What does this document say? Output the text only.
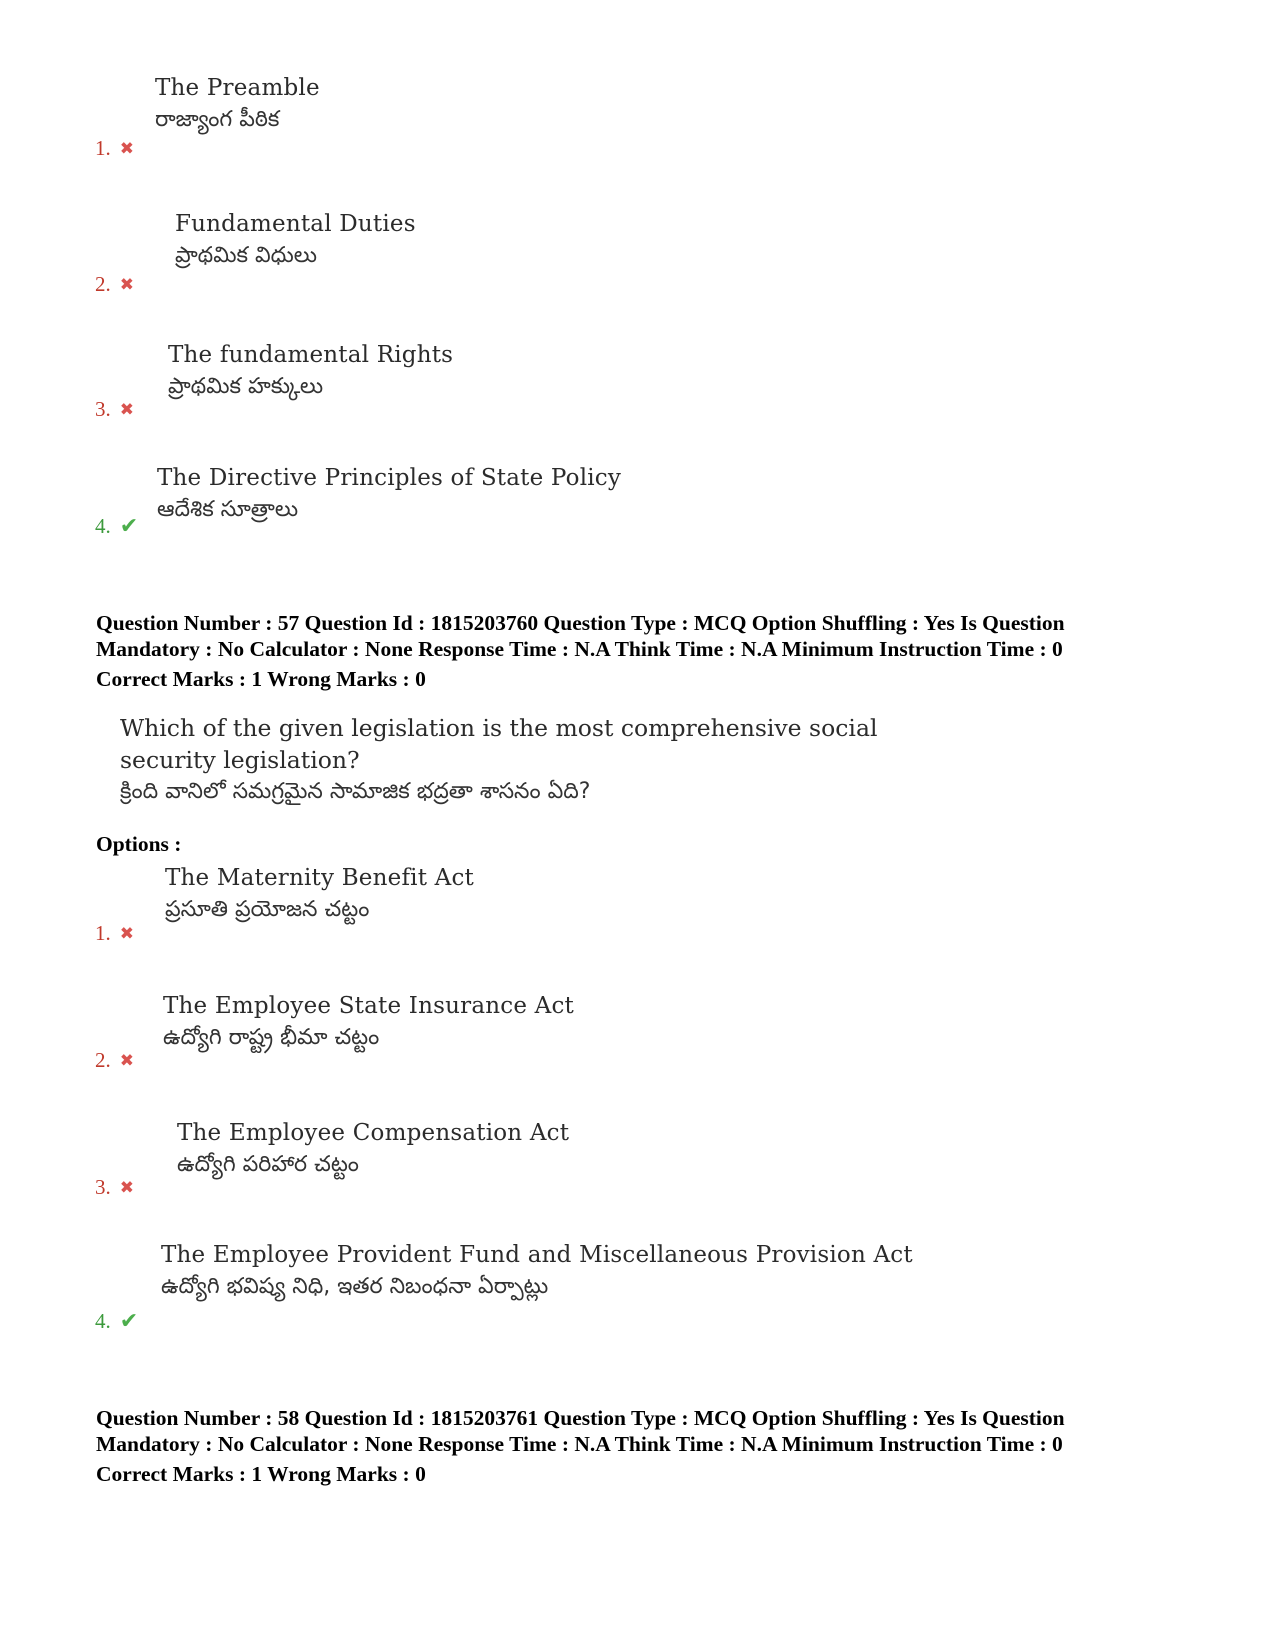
The Preamble
రాజ్యాంగ పీఠిక
1. ✖
Fundamental Duties
ప్రాథమిక విధులు
2. ✖
The fundamental Rights
ప్రాథమిక హక్కులు
3. ✖
The Directive Principles of State Policy
ఆదేశిక సూత్రాలు
4. ✔
Question Number : 57 Question Id : 1815203760 Question Type : MCQ Option Shuffling : Yes Is Question
Mandatory : No Calculator : None Response Time : N.A Think Time : N.A Minimum Instruction Time : 0
Correct Marks : 1 Wrong Marks : 0
Which of the given legislation is the most comprehensive social
security legislation?
క్రింది వానిలో సమగ్రమైన సామాజిక భద్రతా శాసనం ఏది?
Options :
The Maternity Benefit Act
ప్రసూతి ప్రయోజన చట్టం
1. ✖
The Employee State Insurance Act
ఉద్యోగి రాష్ట్ర భీమా చట్టం
2. ✖
The Employee Compensation Act
ఉద్యోగి పరిహార చట్టం
3. ✖
The Employee Provident Fund and Miscellaneous Provision Act
ఉద్యోగి భవిష్య నిధి, ఇతర నిబంధనా ఏర్పాట్లు
4. ✔
Question Number : 58 Question Id : 1815203761 Question Type : MCQ Option Shuffling : Yes Is Question
Mandatory : No Calculator : None Response Time : N.A Think Time : N.A Minimum Instruction Time : 0
Correct Marks : 1 Wrong Marks : 0
